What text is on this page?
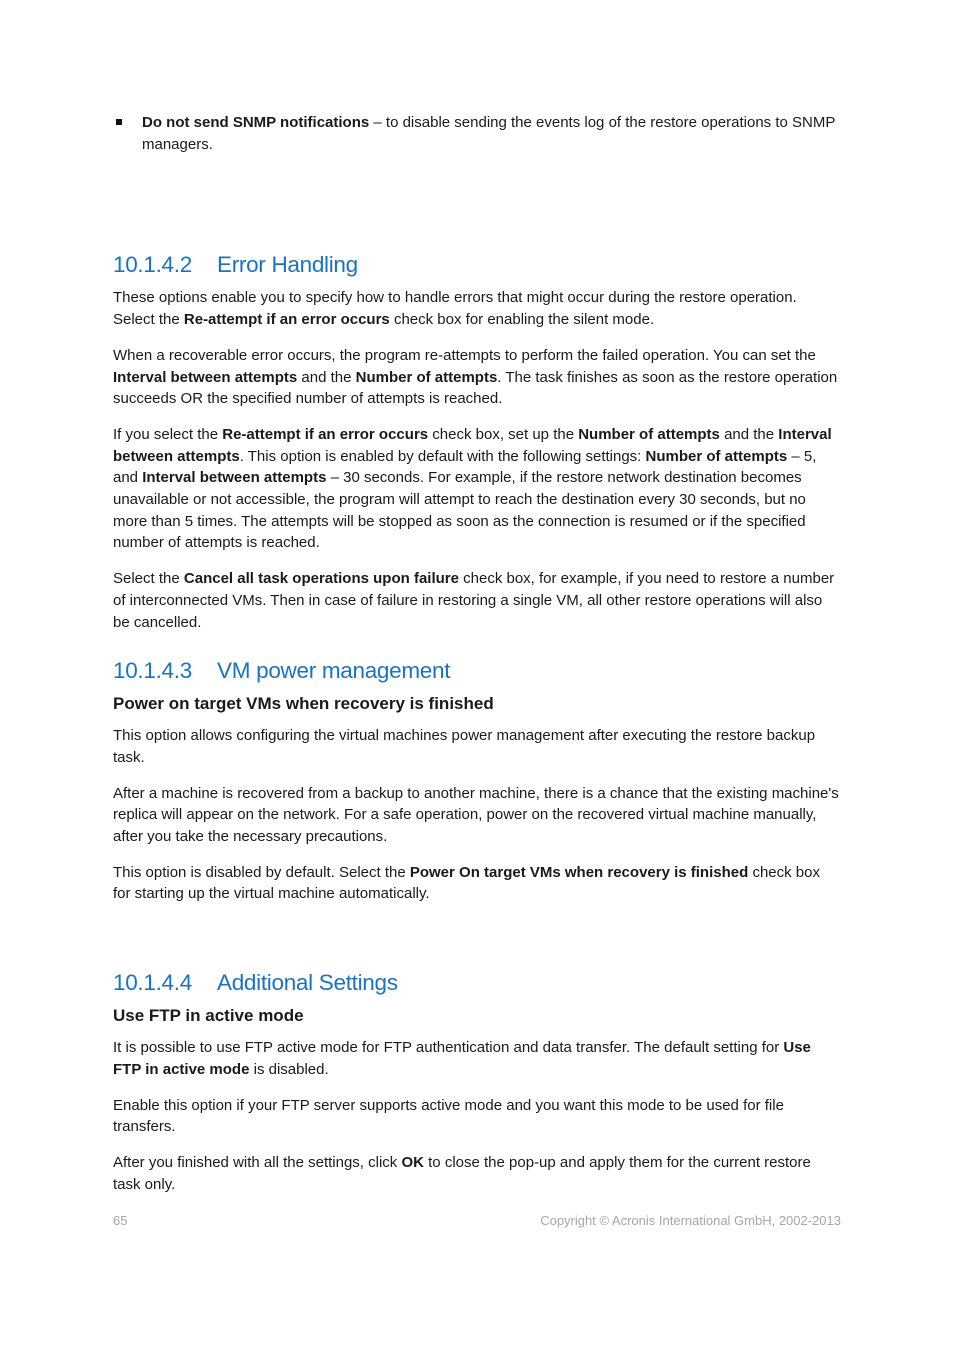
Do not send SNMP notifications – to disable sending the events log of the restore operations to SNMP managers.

10.1.4.2 Error Handling

These options enable you to specify how to handle errors that might occur during the restore operation. Select the Re-attempt if an error occurs check box for enabling the silent mode.

When a recoverable error occurs, the program re-attempts to perform the failed operation. You can set the Interval between attempts and the Number of attempts. The task finishes as soon as the restore operation succeeds OR the specified number of attempts is reached.

If you select the Re-attempt if an error occurs check box, set up the Number of attempts and the Interval between attempts. This option is enabled by default with the following settings: Number of attempts – 5, and Interval between attempts – 30 seconds. For example, if the restore network destination becomes unavailable or not accessible, the program will attempt to reach the destination every 30 seconds, but no more than 5 times. The attempts will be stopped as soon as the connection is resumed or if the specified number of attempts is reached.

Select the Cancel all task operations upon failure check box, for example, if you need to restore a number of interconnected VMs. Then in case of failure in restoring a single VM, all other restore operations will also be cancelled.

10.1.4.3 VM power management
Power on target VMs when recovery is finished

This option allows configuring the virtual machines power management after executing the restore backup task.

After a machine is recovered from a backup to another machine, there is a chance that the existing machine's replica will appear on the network. For a safe operation, power on the recovered virtual machine manually, after you take the necessary precautions.

This option is disabled by default. Select the Power On target VMs when recovery is finished check box for starting up the virtual machine automatically.

10.1.4.4 Additional Settings
Use FTP in active mode

It is possible to use FTP active mode for FTP authentication and data transfer. The default setting for Use FTP in active mode is disabled.

Enable this option if your FTP server supports active mode and you want this mode to be used for file transfers.

After you finished with all the settings, click OK to close the pop-up and apply them for the current restore task only.

65	Copyright © Acronis International GmbH, 2002-2013
